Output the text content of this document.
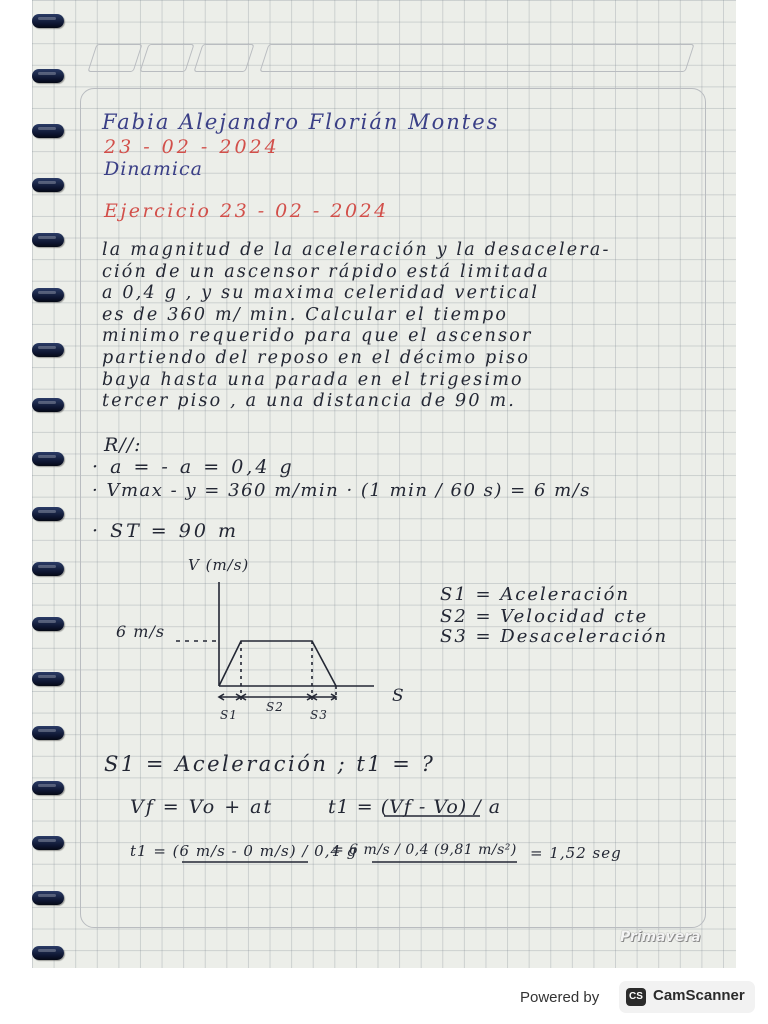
Fabia Alejandro Florián Montes
23 - 02 - 2024
Dinamica
Ejercicio 23 - 02 - 2024
la magnitud de la aceleración y la desacelera-
ción de un ascensor rápido está limitada
a 0,4 g , y su maxima celeridad vertical
es de 360 m/ min. Calcular el tiempo
minimo requerido para que el ascensor
partiendo del reposo en el décimo piso
baya hasta una parada en el trigesimo
tercer piso , a una distancia de 90 m.
R//:
· a = - a = 0,4 g
· Vmax - y = 360 m/min · (1 min / 60 s) = 6 m/s
· ST = 90 m
V (m/s)
S
6 m/s
S1
S2
S3
S1 = Aceleración
S2 = Velocidad cte
S3 = Desaceleración
S1 = Aceleración ; t1 = ?
Vf = Vo + at	t1 = (Vf - Vo) / a
t1 = (6 m/s - 0 m/s) / 0,4 g
= 6 m/s / 0,4 (9,81 m/s²) = 1,52 seg
Primavera
Powered by	CS CamScanner
